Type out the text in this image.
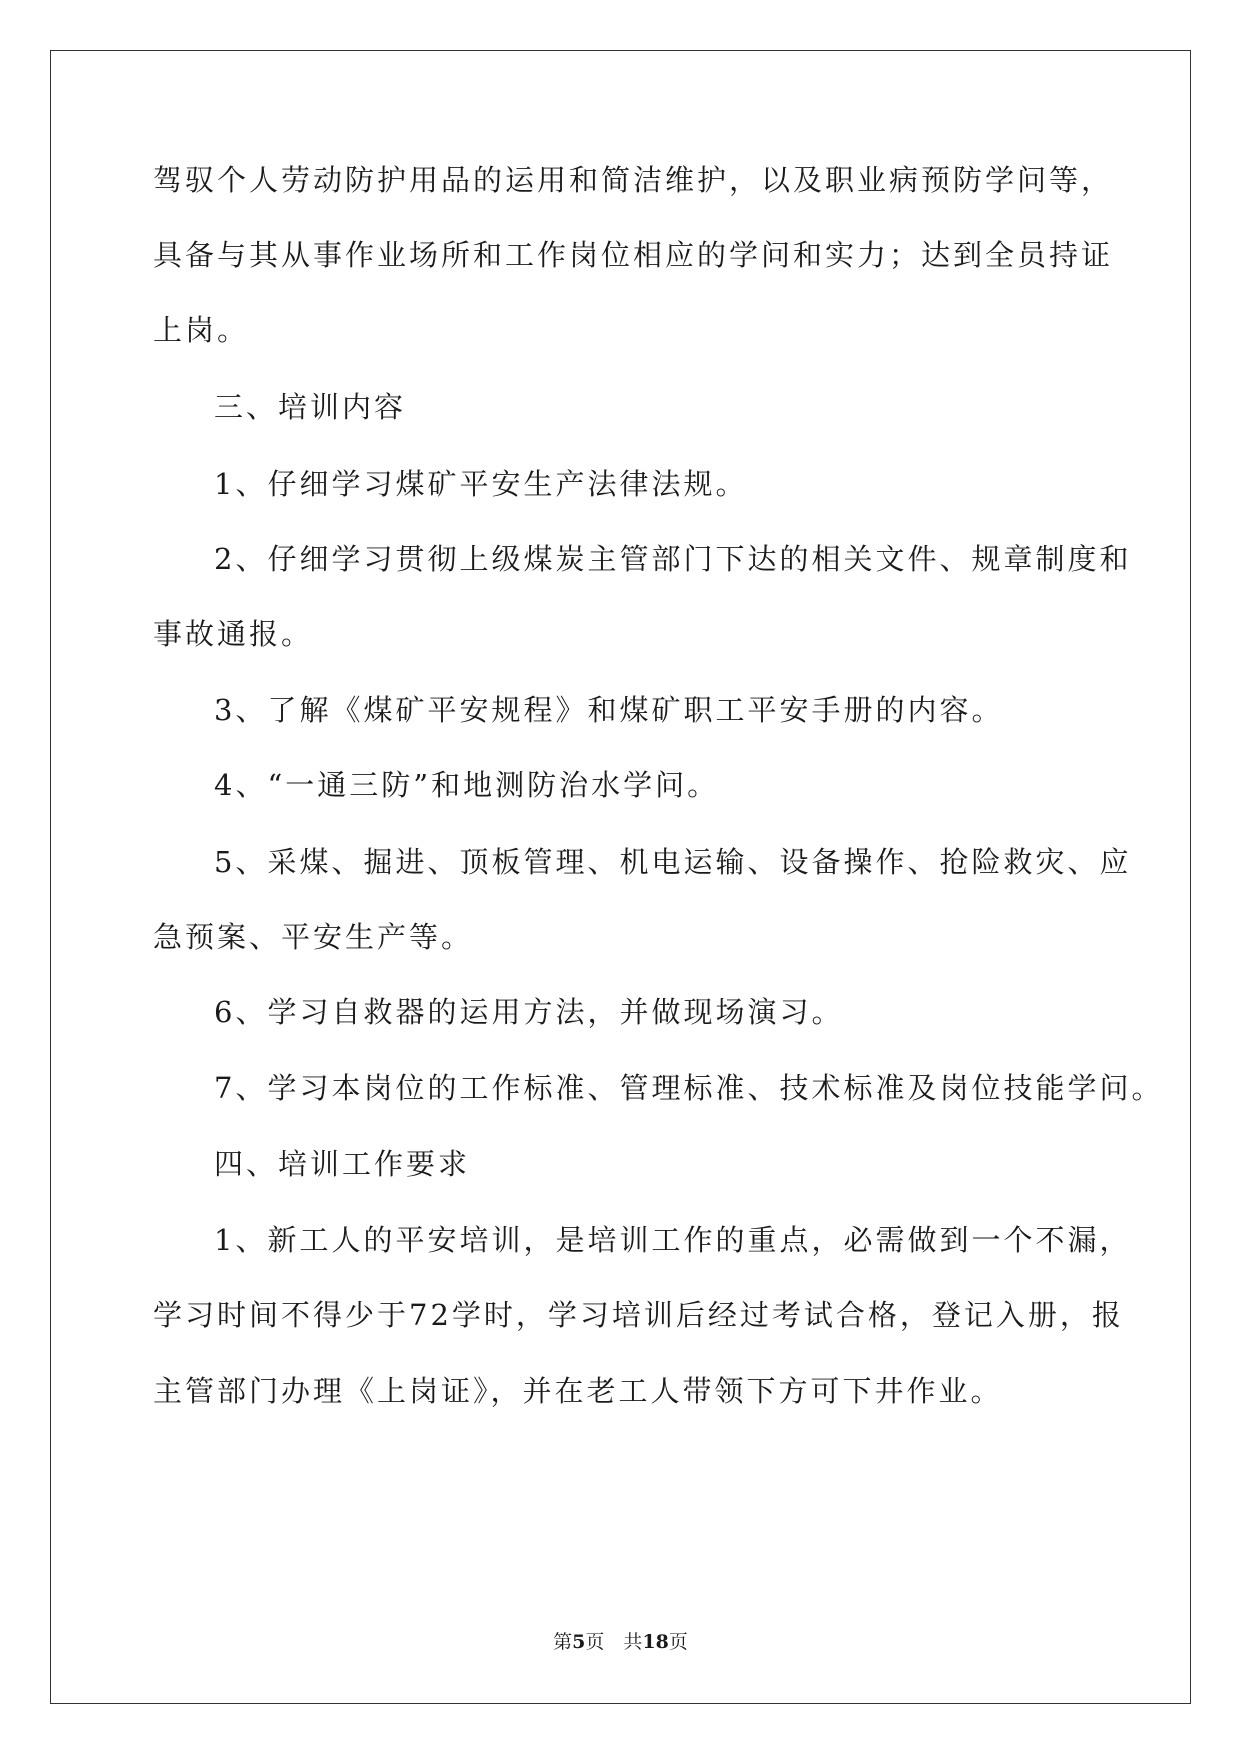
驾驭个人劳动防护用品的运用和简洁维护，以及职业病预防学问等，
具备与其从事作业场所和工作岗位相应的学问和实力；达到全员持证
上岗。
三、培训内容
1、仔细学习煤矿平安生产法律法规。
2、仔细学习贯彻上级煤炭主管部门下达的相关文件、规章制度和
事故通报。
3、了解《煤矿平安规程》和煤矿职工平安手册的内容。
4、“一通三防”和地测防治水学问。
5、采煤、掘进、顶板管理、机电运输、设备操作、抢险救灾、应
急预案、平安生产等。
6、学习自救器的运用方法，并做现场演习。
7、学习本岗位的工作标准、管理标准、技术标准及岗位技能学问。
四、培训工作要求
1、新工人的平安培训，是培训工作的重点，必需做到一个不漏，
学习时间不得少于72学时，学习培训后经过考试合格，登记入册，报
主管部门办理《上岗证》，并在老工人带领下方可下井作业。
第5页　共18页
